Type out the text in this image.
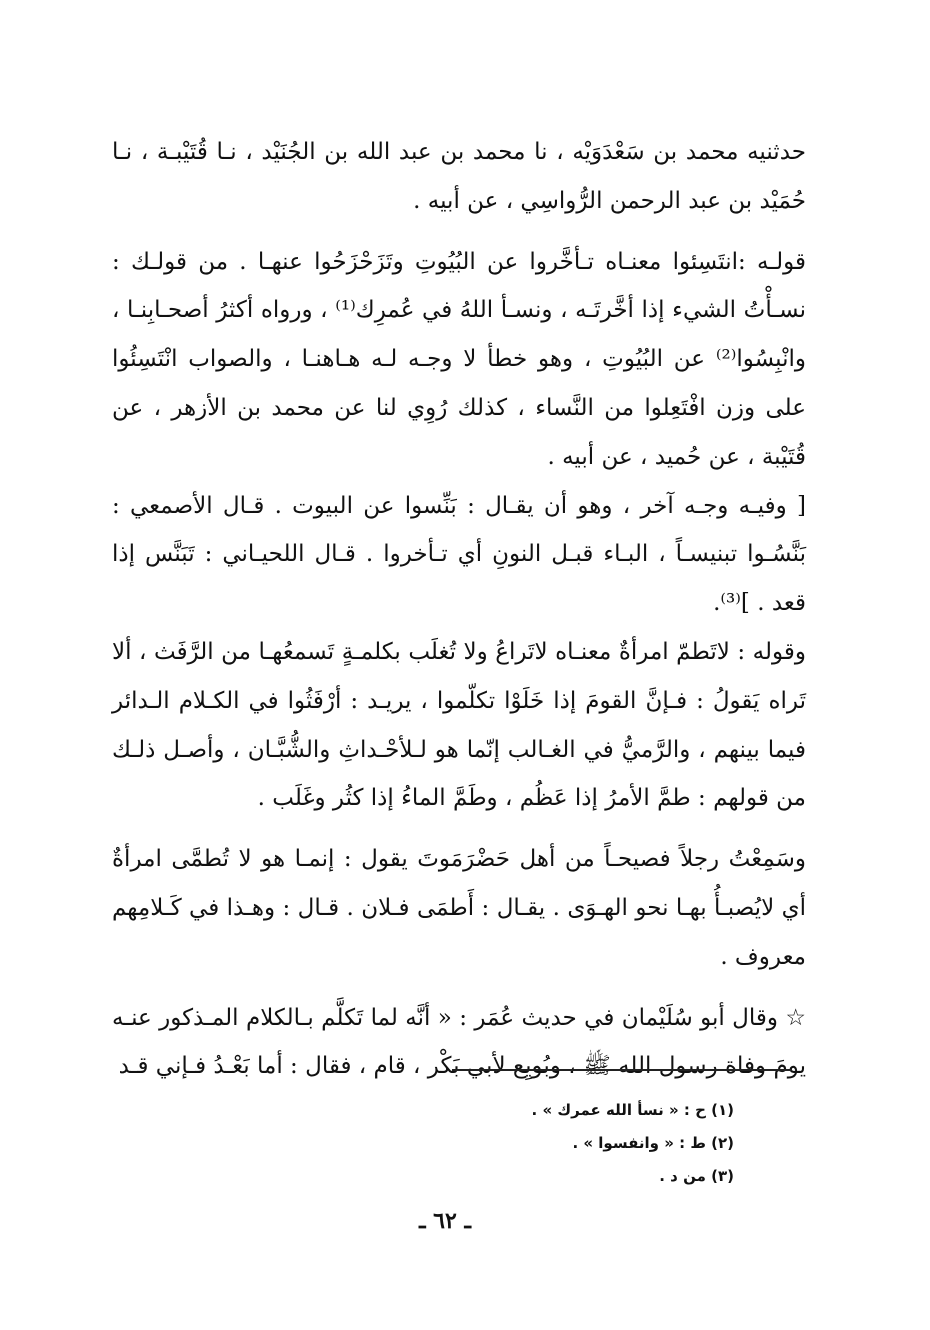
حدثنيه محمد بن سَعْدَوَيْه ، نا محمد بن عبد الله بن الجُنَيْد ، نـا قُتَيْبـة ، نـا حُمَيْد بن عبد الرحمن الرُّواسِي ، عن أبيه .

قولـه :انتَسِئوا معنـاه تـأخَّروا عن البُيُوتِ وتَزَحْزَحُوا عنهـا . من قولـك : نسـأْتُ الشيء إذا أخَّرتَـه ، ونسـأ اللهُ في عُمرِك⁽¹⁾ ، ورواه أكثرُ أصحـابِنـا ، وانْبِسُوا⁽²⁾ عن البُيُوتِ ، وهو خطأ لا وجـه لـه هـاهنـا ، والصواب انْتَسِئُوا على وزن افْتَعِلوا من النَّساء ، كذلك رُوِي لنا عن محمد بن الأزهر ، عن قُتَيْبة ، عن حُميد ، عن أبيه .

[ وفيـه وجـه آخر ، وهو أن يقـال : بَنِّسوا عن البيوت . قـال الأصمعي : بَنَّسُـوا تبنيسـاً ، البـاء قبـل النونِ أي تـأخروا . قـال اللحيـاني : تَبَنَّس إذا قعد . ]⁽³⁾.

وقوله : لاتَطمّ امرأةٌ معنـاه لاتَراعُ ولا تُغلَب بكلمـةٍ تَسمعُهـا من الرَّفَث ، ألا تَراه يَقولُ : فـإنَّ القومَ إذا خَلَوْا تكلّموا ، يريـد : أرْفَثُوا في الكـلام الـدائر فيما بينهم ، والرَّميُّ في الغـالب إنّما هو لـلأحْـداثِ والشُّبَّـان ، وأصـل ذلـك من قولهم : طمَّ الأمرُ إذا عَظُم ، وطَمَّ الماءُ إذا كثُر وغَلَب .

وسَمِعْتُ رجلاً فصيحـاً من أهل حَضْرَمَوتَ يقول : إنمـا هو لا تُطمَّى امرأةٌ أي لايُصبـأُ بهـا نحو الهـوَى . يقـال : أَطمَى فـلان . قـال : وهـذا في كَـلامِهم معروف .

☆ وقال أبو سُلَيْمان في حديث عُمَر : « أنَّه لما تَكلَّم بـالكلام المـذكور عنـه يومَ وفاة رسول الله ﷺ ، وبُويِع لأبي بَكْر ، قام ، فقال : أما بَعْـدُ فـإني قـد

(١) ح : « نسأ الله عمرك » .

(٢) ط : « وانفسوا » .

(٣) من د .

ـ ٦٢ ـ
